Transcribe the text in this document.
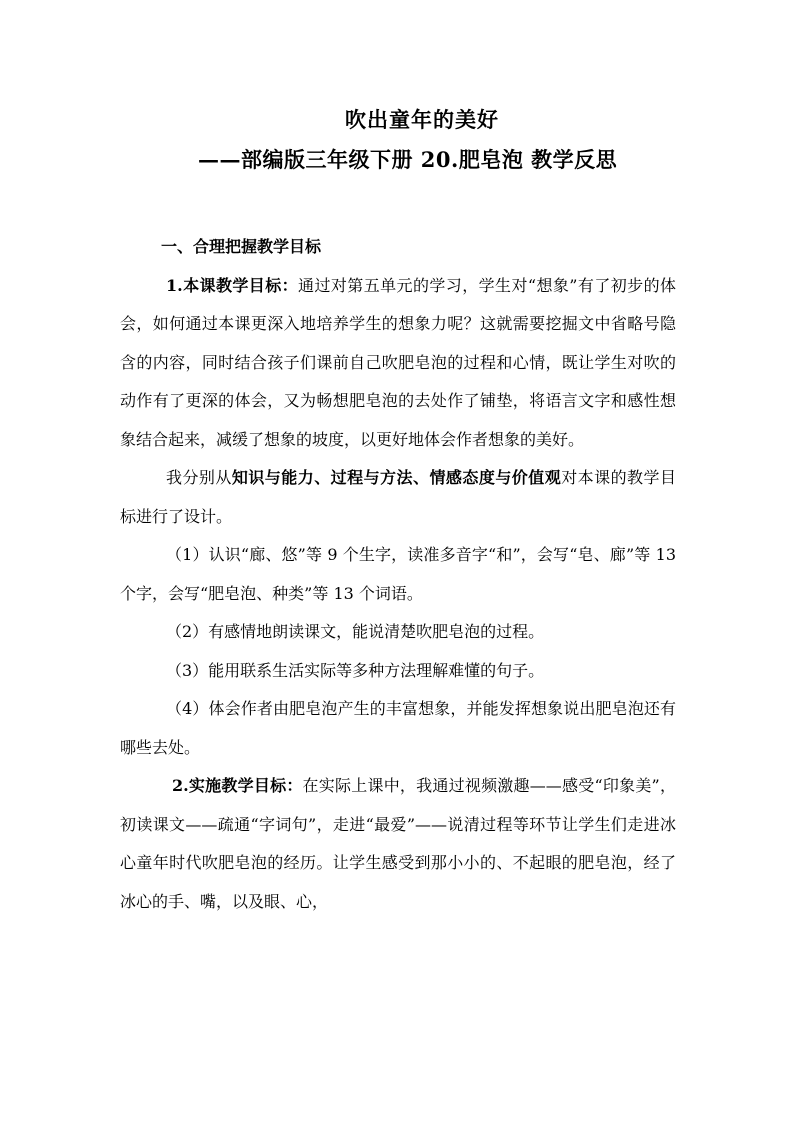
吹出童年的美好
——部编版三年级下册 20.肥皂泡 教学反思

一、合理把握教学目标

1.本课教学目标：通过对第五单元的学习，学生对“想象”有了初步的体会，如何通过本课更深入地培养学生的想象力呢？这就需要挖掘文中省略号隐含的内容，同时结合孩子们课前自己吹肥皂泡的过程和心情，既让学生对吹的动作有了更深的体会，又为畅想肥皂泡的去处作了铺垫，将语言文字和感性想象结合起来，减缓了想象的坡度，以更好地体会作者想象的美好。

我分别从知识与能力、过程与方法、情感态度与价值观对本课的教学目标进行了设计。

（1）认识“廊、悠”等 9 个生字，读准多音字“和”，会写“皂、廊”等 13 个字，会写“肥皂泡、种类”等 13 个词语。

（2）有感情地朗读课文，能说清楚吹肥皂泡的过程。

（3）能用联系生活实际等多种方法理解难懂的句子。

（4）体会作者由肥皂泡产生的丰富想象，并能发挥想象说出肥皂泡还有哪些去处。

2.实施教学目标：在实际上课中，我通过视频激趣——感受“印象美”，初读课文——疏通“字词句”，走进“最爱”——说清过程等环节让学生们走进冰心童年时代吹肥皂泡的经历。让学生感受到那小小的、不起眼的肥皂泡，经了冰心的手、嘴，以及眼、心，
